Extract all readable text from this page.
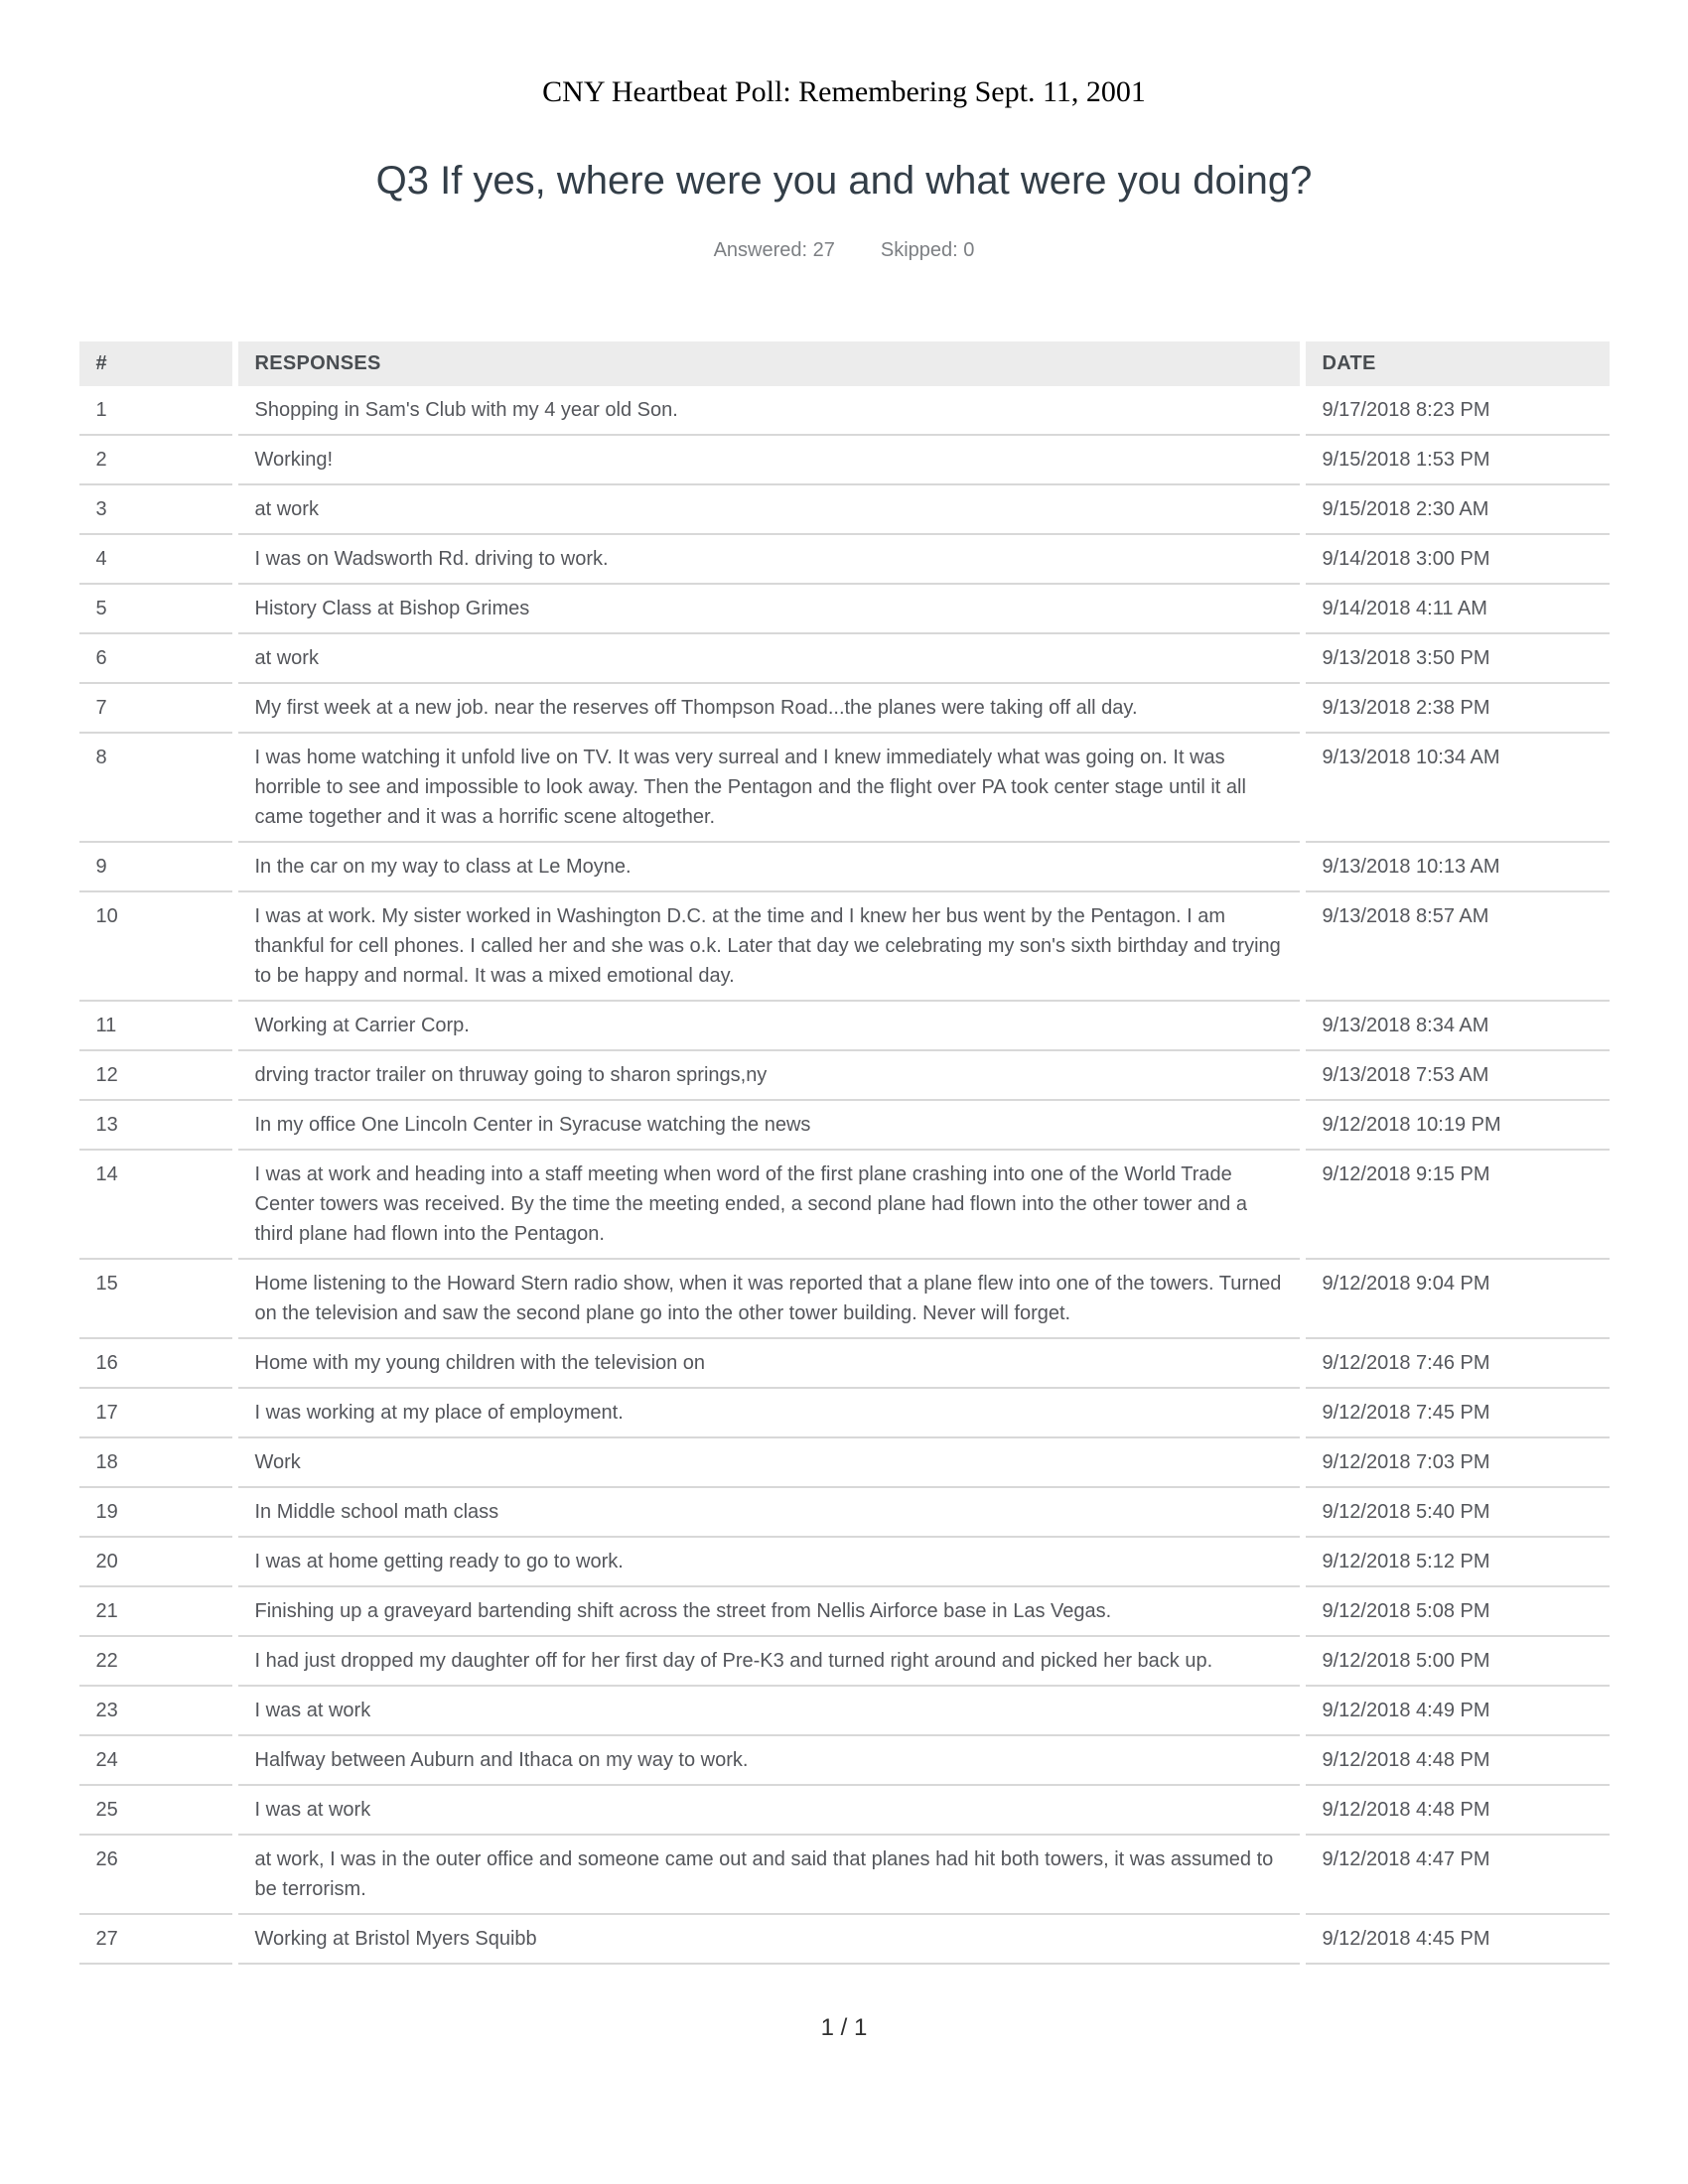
CNY Heartbeat Poll: Remembering Sept. 11, 2001
Q3 If yes, where were you and what were you doing?
Answered: 27 Skipped: 0
#	RESPONSES	DATE
1	Shopping in Sam's Club with my 4 year old Son.	9/17/2018 8:23 PM
2	Working!	9/15/2018 1:53 PM
3	at work	9/15/2018 2:30 AM
4	I was on Wadsworth Rd. driving to work.	9/14/2018 3:00 PM
5	History Class at Bishop Grimes	9/14/2018 4:11 AM
6	at work	9/13/2018 3:50 PM
7	My first week at a new job. near the reserves off Thompson Road...the planes were taking off all day.	9/13/2018 2:38 PM
8	I was home watching it unfold live on TV. It was very surreal and I knew immediately what was going on. It was horrible to see and impossible to look away. Then the Pentagon and the flight over PA took center stage until it all came together and it was a horrific scene altogether.	9/13/2018 10:34 AM
9	In the car on my way to class at Le Moyne.	9/13/2018 10:13 AM
10	I was at work. My sister worked in Washington D.C. at the time and I knew her bus went by the Pentagon. I am thankful for cell phones. I called her and she was o.k. Later that day we celebrating my son's sixth birthday and trying to be happy and normal. It was a mixed emotional day.	9/13/2018 8:57 AM
11	Working at Carrier Corp.	9/13/2018 8:34 AM
12	drving tractor trailer on thruway going to sharon springs,ny	9/13/2018 7:53 AM
13	In my office One Lincoln Center in Syracuse watching the news	9/12/2018 10:19 PM
14	I was at work and heading into a staff meeting when word of the first plane crashing into one of the World Trade Center towers was received. By the time the meeting ended, a second plane had flown into the other tower and a third plane had flown into the Pentagon.	9/12/2018 9:15 PM
15	Home listening to the Howard Stern radio show, when it was reported that a plane flew into one of the towers. Turned on the television and saw the second plane go into the other tower building. Never will forget.	9/12/2018 9:04 PM
16	Home with my young children with the television on	9/12/2018 7:46 PM
17	I was working at my place of employment.	9/12/2018 7:45 PM
18	Work	9/12/2018 7:03 PM
19	In Middle school math class	9/12/2018 5:40 PM
20	I was at home getting ready to go to work.	9/12/2018 5:12 PM
21	Finishing up a graveyard bartending shift across the street from Nellis Airforce base in Las Vegas.	9/12/2018 5:08 PM
22	I had just dropped my daughter off for her first day of Pre-K3 and turned right around and picked her back up.	9/12/2018 5:00 PM
23	I was at work	9/12/2018 4:49 PM
24	Halfway between Auburn and Ithaca on my way to work.	9/12/2018 4:48 PM
25	I was at work	9/12/2018 4:48 PM
26	at work, I was in the outer office and someone came out and said that planes had hit both towers, it was assumed to be terrorism.	9/12/2018 4:47 PM
27	Working at Bristol Myers Squibb	9/12/2018 4:45 PM
1 / 1
